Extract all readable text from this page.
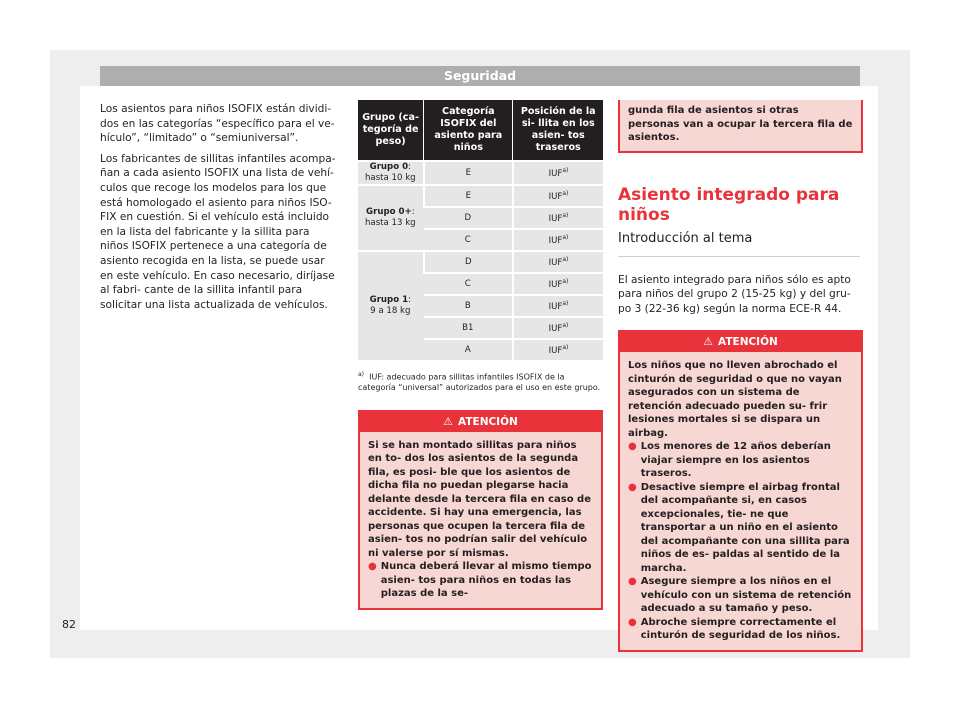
Seguridad

Los asientos para niños ISOFIX están dividi- dos en las categorías “específico para el ve- hículo”, “limitado” o “semiuniversal”.

Los fabricantes de sillitas infantiles acompa- ñan a cada asiento ISOFIX una lista de vehí- culos que recoge los modelos para los que está homologado el asiento para niños ISO- FIX en cuestión. Si el vehículo está incluido en la lista del fabricante y la sillita para niños ISOFIX pertenece a una categoría de asiento recogida en la lista, se puede usar en este vehículo. En caso necesario, diríjase al fabri- cante de la sillita infantil para solicitar una lista actualizada de vehículos.

Grupo (ca- tegoría de peso)	Categoría ISOFIX del asiento para niños	Posición de la si- llita en los asien- tos traseros
Grupo 0:
hasta 10 kg	E	IUF$^{a)}$
Grupo 0+:
hasta 13 kg	E	IUF$^{a)}$
	D	IUF$^{a)}$
	C	IUF$^{a)}$
Grupo 1:
9 a 18 kg	D	IUF$^{a)}$
	C	IUF$^{a)}$
	B	IUF$^{a)}$
	B1	IUF$^{a)}$
	A	IUF$^{a)}$
$^{a)}$ IUF: adecuado para sillitas infantiles ISOFIX de la categoría “universal” autorizados para el uso en este grupo.
⚠ ATENCIÓN

Si se han montado sillitas para niños en to- dos los asientos de la segunda fila, es posi- ble que los asientos de dicha fila no puedan plegarse hacia delante desde la tercera fila en caso de accidente. Si hay una emergencia, las personas que ocupen la tercera fila de asien- tos no podrían salir del vehículo ni valerse por sí mismas.

● Nunca deberá llevar al mismo tiempo asien- tos para niños en todas las plazas de la se-
gunda fila de asientos si otras personas van a ocupar la tercera fila de asientos.
Asiento integrado para niños
Introducción al tema

El asiento integrado para niños sólo es apto para niños del grupo 2 (15-25 kg) y del gru- po 3 (22-36 kg) según la norma ECE-R 44.

⚠ ATENCIÓN

Los niños que no lleven abrochado el cinturón de seguridad o que no vayan asegurados con un sistema de retención adecuado pueden su- frir lesiones mortales si se dispara un airbag.

● Los menores de 12 años deberían viajar siempre en los asientos traseros.
● Desactive siempre el airbag frontal del acompañante si, en casos excepcionales, tie- ne que transportar a un niño en el asiento del acompañante con una sillita para niños de es- paldas al sentido de la marcha.
● Asegure siempre a los niños en el vehículo con un sistema de retención adecuado a su tamaño y peso.
● Abroche siempre correctamente el cinturón de seguridad de los niños.
82
